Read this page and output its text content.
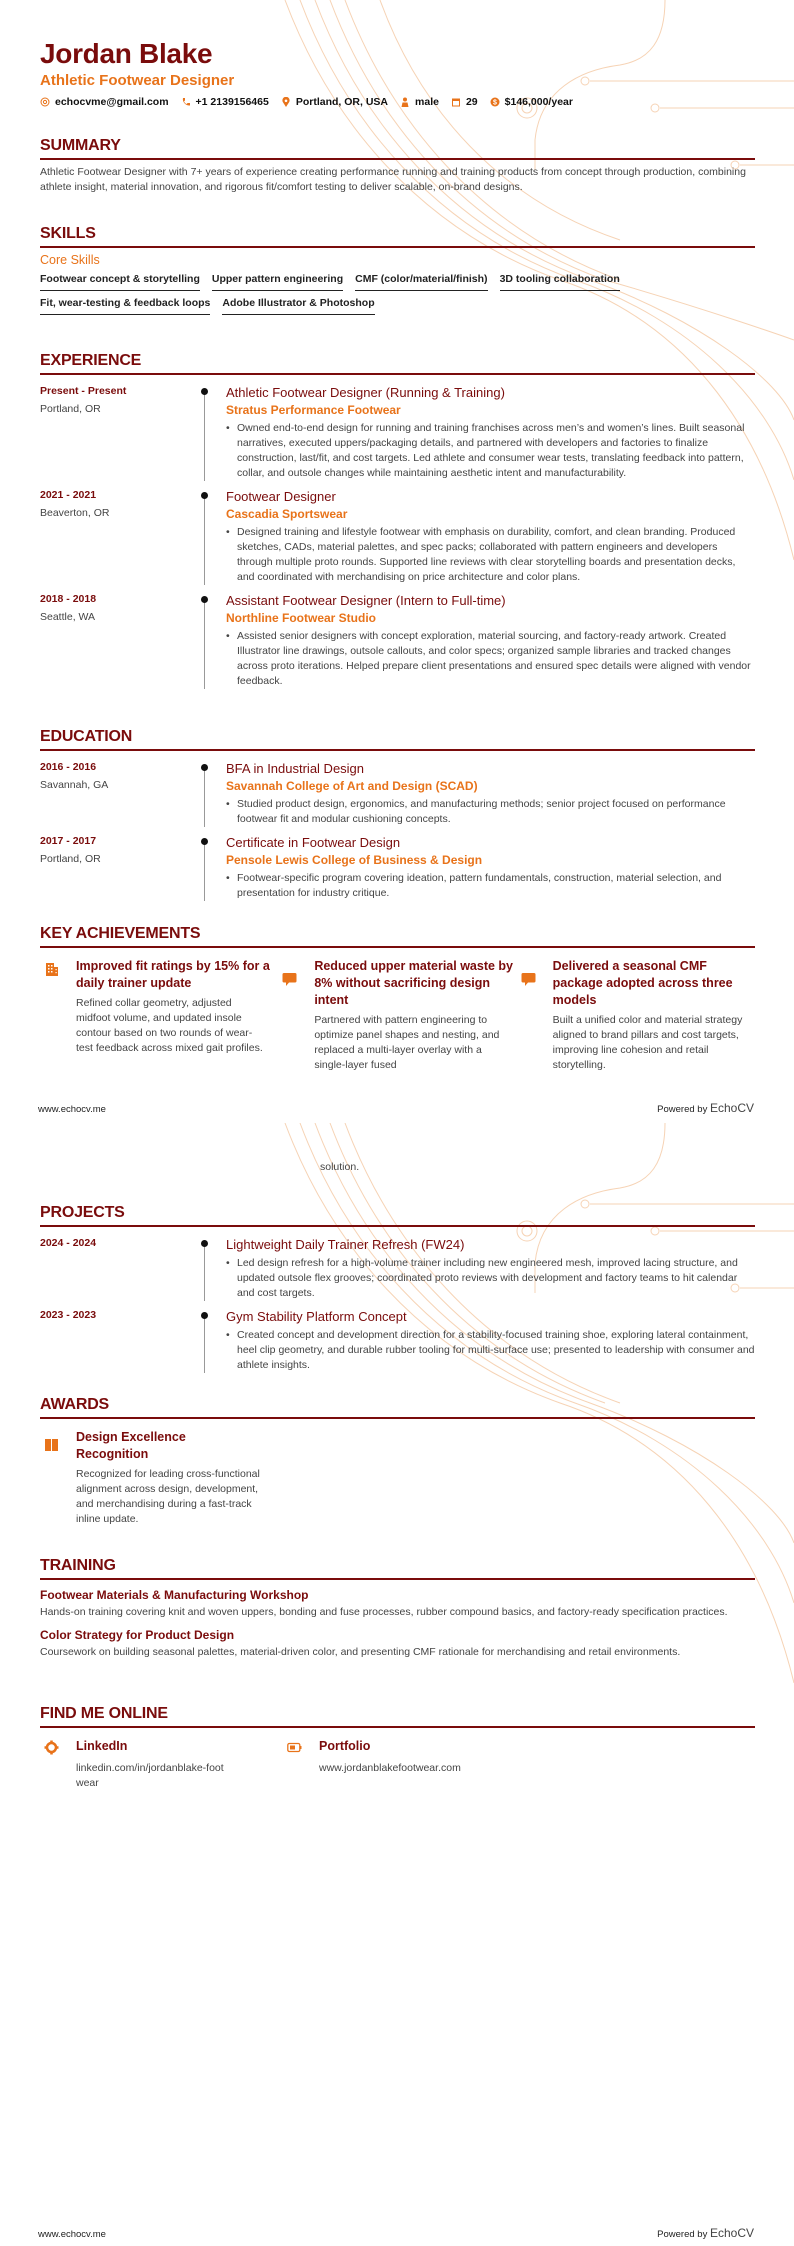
Jordan Blake
Athletic Footwear Designer
echocvme@gmail.com	+1 2139156465	Portland, OR, USA	male	29 $ $146,000/year
SUMMARY

Athletic Footwear Designer with 7+ years of experience creating performance running and training products from concept through production, combining athlete insight, material innovation, and rigorous fit/comfort testing to deliver scalable, on-brand designs.

SKILLS
Core Skills
Footwear concept & storytelling Upper pattern engineering CMF (color/material/finish) 3D tooling collaboration
Fit, wear-testing & feedback loops Adobe Illustrator & Photoshop
EXPERIENCE
Present - Present
Portland, OR
Athletic Footwear Designer (Running & Training)
Stratus Performance Footwear
• Owned end-to-end design for running and training franchises across men’s and women’s lines. Built seasonal narratives, executed uppers/packaging details, and partnered with developers and factories to finalize construction, last/fit, and cost targets. Led athlete and consumer wear tests, translating feedback into pattern, collar, and outsole changes while maintaining aesthetic intent and manufacturability.
2021 - 2021
Beaverton, OR
Footwear Designer
Cascadia Sportswear
• Designed training and lifestyle footwear with emphasis on durability, comfort, and clean branding. Produced sketches, CADs, material palettes, and spec packs; collaborated with pattern engineers and developers through multiple proto rounds. Supported line reviews with clear storytelling boards and presentation decks, and coordinated with merchandising on price architecture and color plans.
2018 - 2018
Seattle, WA
Assistant Footwear Designer (Intern to Full-time)
Northline Footwear Studio
• Assisted senior designers with concept exploration, material sourcing, and factory-ready artwork. Created Illustrator line drawings, outsole callouts, and color specs; organized sample libraries and tracked changes across proto iterations. Helped prepare client presentations and ensured spec details were aligned with vendor feedback.
EDUCATION
2016 - 2016
Savannah, GA
BFA in Industrial Design
Savannah College of Art and Design (SCAD)
• Studied product design, ergonomics, and manufacturing methods; senior project focused on performance footwear fit and modular cushioning concepts.
2017 - 2017
Portland, OR
Certificate in Footwear Design
Pensole Lewis College of Business & Design
• Footwear-specific program covering ideation, pattern fundamentals, construction, material selection, and presentation for industry critique.
KEY ACHIEVEMENTS
Improved fit ratings by 15% for a daily trainer update
Refined collar geometry, adjusted midfoot volume, and updated insole contour based on two rounds of wear-test feedback across mixed gait profiles.
Reduced upper material waste by 8% without sacrificing design intent
Partnered with pattern engineering to optimize panel shapes and nesting, and replaced a multi-layer overlay with a single-layer fused
Delivered a seasonal CMF package adopted across three models
Built a unified color and material strategy aligned to brand pillars and cost targets, improving line cohesion and retail storytelling.
www.echocv.me	Powered by EchoCV
solution.
PROJECTS
2024 - 2024	Lightweight Daily Trainer Refresh (FW24)
• Led design refresh for a high-volume trainer including new engineered mesh, improved lacing structure, and updated outsole flex grooves; coordinated proto reviews with development and factory teams to hit calendar and cost targets.
2023 - 2023	Gym Stability Platform Concept
• Created concept and development direction for a stability-focused training shoe, exploring lateral containment, heel clip geometry, and durable rubber tooling for multi-surface use; presented to leadership with consumer and athlete insights.
AWARDS
Design Excellence Recognition
Recognized for leading cross-functional alignment across design, development, and merchandising during a fast-track inline update.
TRAINING
Footwear Materials & Manufacturing Workshop
Hands-on training covering knit and woven uppers, bonding and fuse processes, rubber compound basics, and factory-ready specification practices.
Color Strategy for Product Design
Coursework on building seasonal palettes, material-driven color, and presenting CMF rationale for merchandising and retail environments.
FIND ME ONLINE
LinkedIn
linkedin.com/in/jordanblake-footwear
Portfolio
www.jordanblakefootwear.com
www.echocv.me	Powered by EchoCV
